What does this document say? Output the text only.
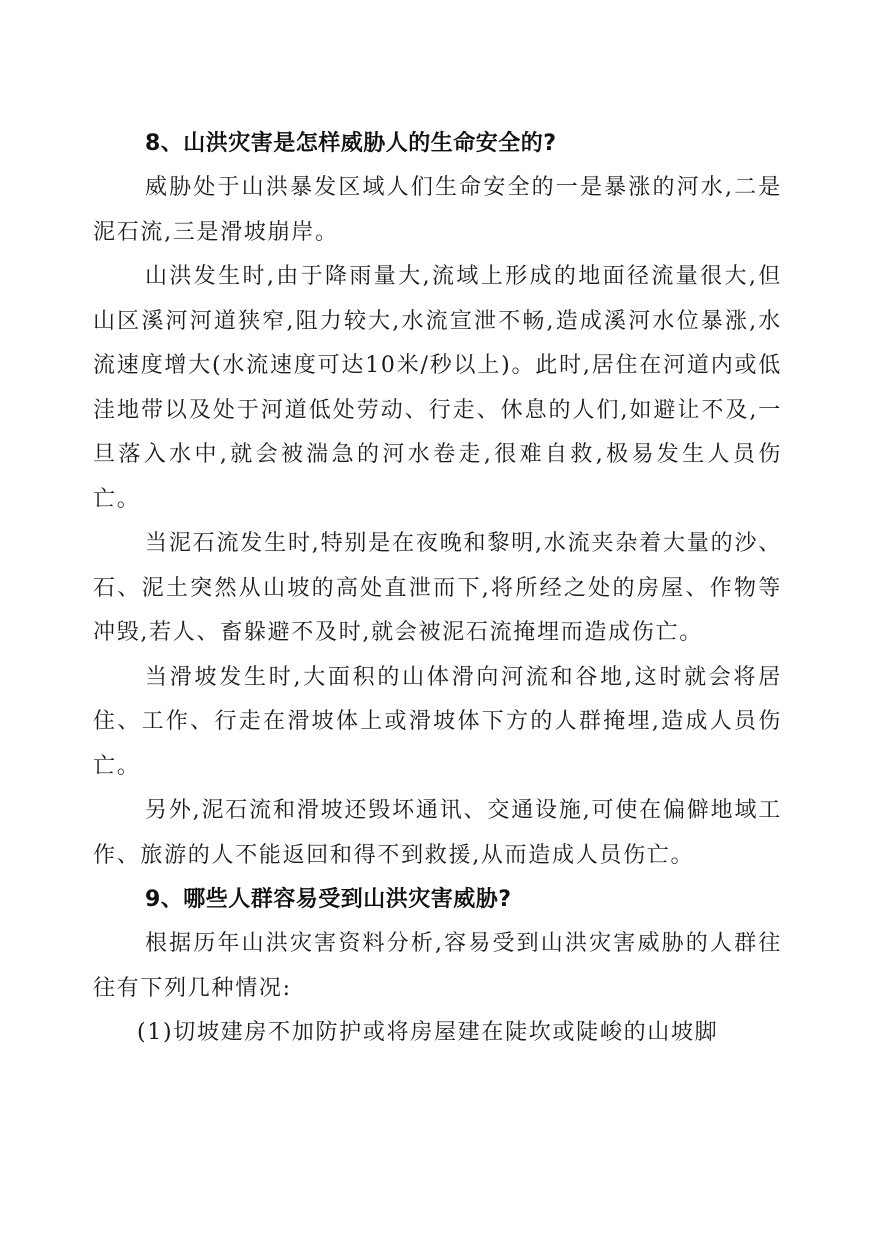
8、山洪灾害是怎样威胁人的生命安全的?

威胁处于山洪暴发区域人们生命安全的一是暴涨的河水,二是泥石流,三是滑坡崩岸。

山洪发生时,由于降雨量大,流域上形成的地面径流量很大,但山区溪河河道狭窄,阻力较大,水流宣泄不畅,造成溪河水位暴涨,水流速度增大(水流速度可达10米/秒以上)。此时,居住在河道内或低洼地带以及处于河道低处劳动、行走、休息的人们,如避让不及,一旦落入水中,就会被湍急的河水卷走,很难自救,极易发生人员伤亡。

当泥石流发生时,特别是在夜晚和黎明,水流夹杂着大量的沙、石、泥土突然从山坡的高处直泄而下,将所经之处的房屋、作物等冲毁,若人、畜躲避不及时,就会被泥石流掩埋而造成伤亡。

当滑坡发生时,大面积的山体滑向河流和谷地,这时就会将居住、工作、行走在滑坡体上或滑坡体下方的人群掩埋,造成人员伤亡。

另外,泥石流和滑坡还毁坏通讯、交通设施,可使在偏僻地域工作、旅游的人不能返回和得不到救援,从而造成人员伤亡。

9、哪些人群容易受到山洪灾害威胁?

根据历年山洪灾害资料分析,容易受到山洪灾害威胁的人群往往有下列几种情况:

(1)切坡建房不加防护或将房屋建在陡坎或陡峻的山坡脚
